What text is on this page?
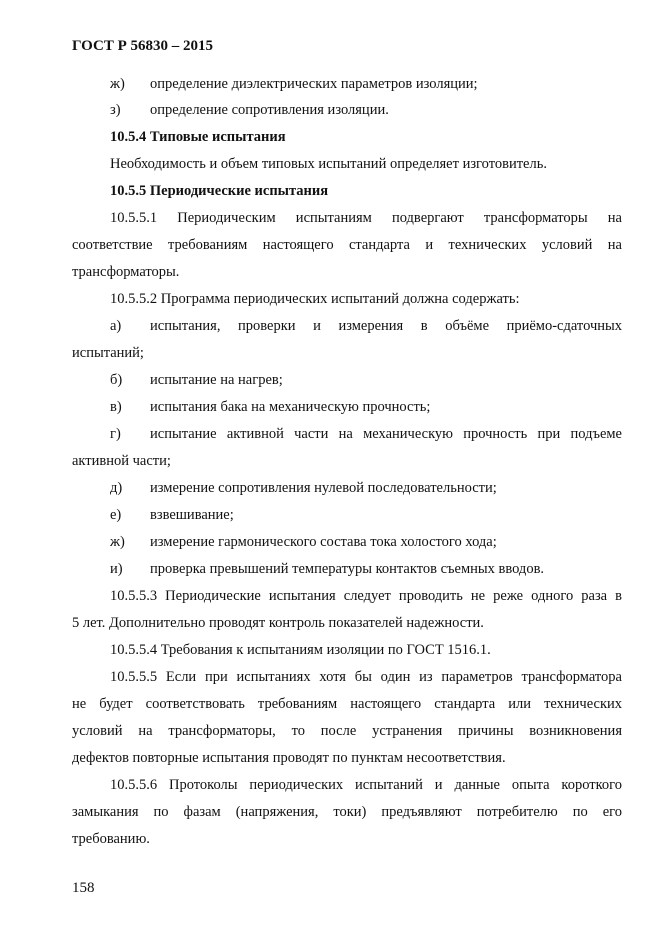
ГОСТ Р 56830 – 2015
ж) определение диэлектрических параметров изоляции;
з) определение сопротивления изоляции.
10.5.4 Типовые испытания
Необходимость и объем типовых испытаний определяет изготовитель.
10.5.5 Периодические испытания
10.5.5.1 Периодическим испытаниям подвергают трансформаторы на
соответствие требованиям настоящего стандарта и технических условий на
трансформаторы.
10.5.5.2 Программа периодических испытаний должна содержать:
а) испытания, проверки и измерения в объёме приёмо-сдаточных
испытаний;
б) испытание на нагрев;
в) испытания бака на механическую прочность;
г) испытание активной части на механическую прочность при подъеме
активной части;
д) измерение сопротивления нулевой последовательности;
е) взвешивание;
ж) измерение гармонического состава тока холостого хода;
и) проверка превышений температуры контактов съемных вводов.
10.5.5.3 Периодические испытания следует проводить не реже одного раза в
5 лет. Дополнительно проводят контроль показателей надежности.
10.5.5.4 Требования к испытаниям изоляции по ГОСТ 1516.1.
10.5.5.5 Если при испытаниях хотя бы один из параметров трансформатора
не будет соответствовать требованиям настоящего стандарта или технических
условий на трансформаторы, то после устранения причины возникновения
дефектов повторные испытания проводят по пунктам несоответствия.
10.5.5.6 Протоколы периодических испытаний и данные опыта короткого
замыкания по фазам (напряжения, токи) предъявляют потребителю по его
требованию.
158
